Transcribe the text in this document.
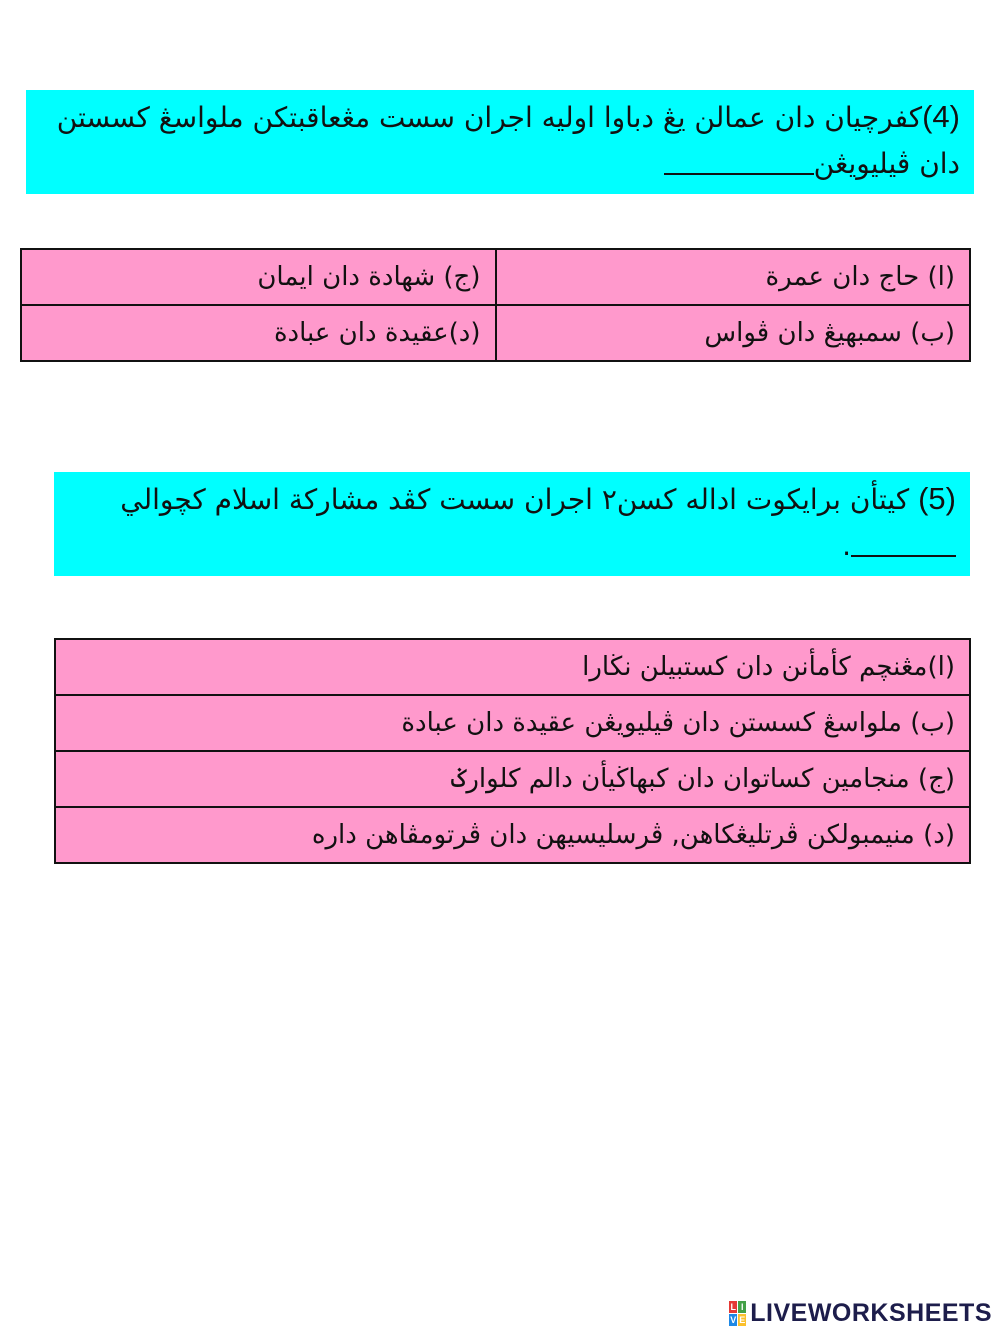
(4)كفرچيان دان عمالن يڠ دباوا اوليه اجران سست مڠعاقبتکن ملواسڠ کسستن دان ڤيليويڠن
(ا) حاج دان عمرة	(ج) شهادة دان ايمان
(ب) سمبهيڠ دان ڤواس	(د)عقيدة دان عبادة
(5) کيتأن برايكوت اداله كسن٢ اجران سست كڤد مشارکة اسلام کچوالي
.
(ا)مڠنچم كأمأنن دان كستبيلن نڬارا
(ب) ملواسڠ كسستن دان ڤيليويڠن عقيدة دان عبادة
(ج) منجامين كساتوان دان كبهاڬيأن دالم كلوارݢ
(د) منيمبولكن ڤرتليڠكاهن, ڤرسليسيهن دان ڤرتومڤاهن داره
L I
V E LIVEWORKSHEETS
